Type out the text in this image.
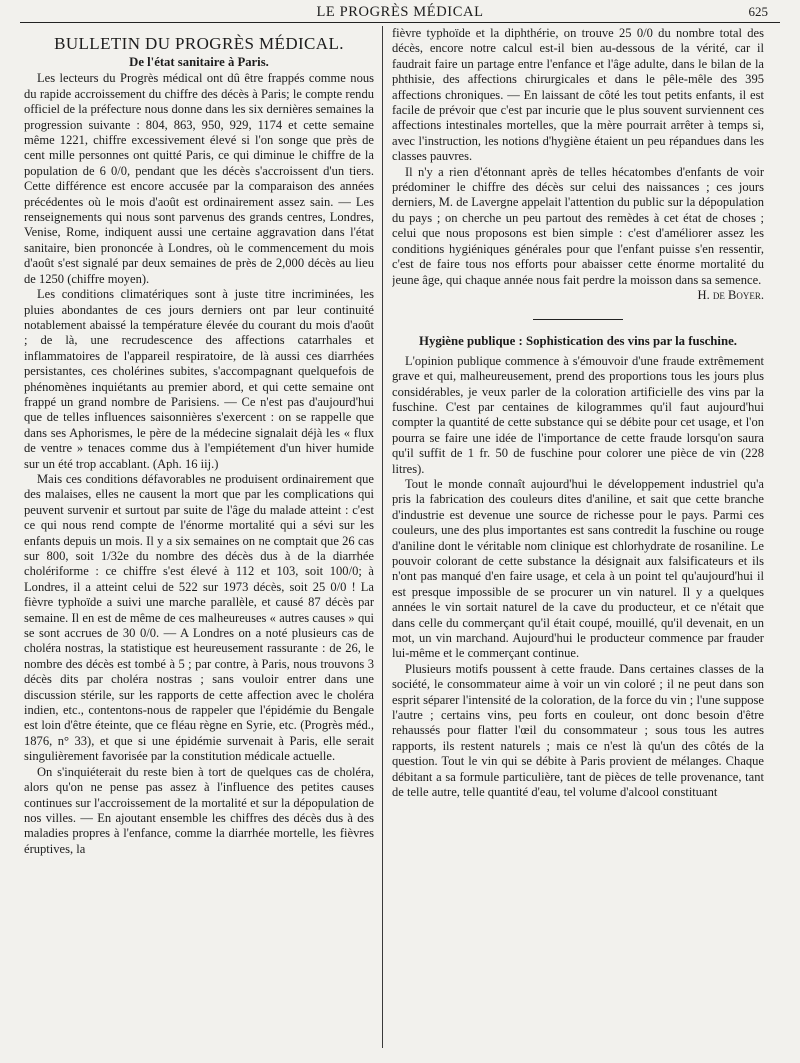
LE PROGRÈS MÉDICAL	625
BULLETIN DU PROGRÈS MÉDICAL.
De l'état sanitaire à Paris.

Les lecteurs du Progrès médical ont dû être frappés comme nous du rapide accroissement du chiffre des décès à Paris; le compte rendu officiel de la préfecture nous donne dans les six dernières semaines la progression suivante : 804, 863, 950, 929, 1174 et cette semaine même 1221, chiffre excessivement élevé si l'on songe que près de cent mille personnes ont quitté Paris, ce qui diminue le chiffre de la population de 6 0/0, pendant que les décès s'accroissent d'un tiers. Cette différence est encore accusée par la comparaison des années précédentes où le mois d'août est ordinairement assez sain. — Les renseignements qui nous sont parvenus des grands centres, Londres, Venise, Rome, indiquent aussi une certaine aggravation dans l'état sanitaire, bien prononcée à Londres, où le commencement du mois d'août s'est signalé par deux semaines de près de 2,000 décès au lieu de 1250 (chiffre moyen).

Les conditions climatériques sont à juste titre incriminées, les pluies abondantes de ces jours derniers ont par leur continuité notablement abaissé la température élevée du courant du mois d'août ; de là, une recrudescence des affections catarrhales et inflammatoires de l'appareil respiratoire, de là aussi ces diarrhées persistantes, ces cholérines subites, s'accompagnant quelquefois de phénomènes inquiétants au premier abord, et qui cette semaine ont frappé un grand nombre de Parisiens. — Ce n'est pas d'aujourd'hui que de telles influences saisonnières s'exercent : on se rappelle que dans ses Aphorismes, le père de la médecine signalait déjà les « flux de ventre » tenaces comme dus à l'empiétement d'un hiver humide sur un été trop accablant. (Aph. 16 iij.)

Mais ces conditions défavorables ne produisent ordinairement que des malaises, elles ne causent la mort que par les complications qui peuvent survenir et surtout par suite de l'âge du malade atteint : c'est ce qui nous rend compte de l'énorme mortalité qui a sévi sur les enfants depuis un mois. Il y a six semaines on ne comptait que 26 cas sur 800, soit 1/32e du nombre des décès dus à de la diarrhée cholériforme : ce chiffre s'est élevé à 112 et 103, soit 100/0; à Londres, il a atteint celui de 522 sur 1973 décès, soit 25 0/0 ! La fièvre typhoïde a suivi une marche parallèle, et causé 87 décès par semaine. Il en est de même de ces malheureuses « autres causes » qui se sont accrues de 30 0/0. — A Londres on a noté plusieurs cas de choléra nostras, la statistique est heureusement rassurante : de 26, le nombre des décès est tombé à 5 ; par contre, à Paris, nous trouvons 3 décès dits par choléra nostras ; sans vouloir entrer dans une discussion stérile, sur les rapports de cette affection avec le choléra indien, etc., contentons-nous de rappeler que l'épidémie du Bengale est loin d'être éteinte, que ce fléau règne en Syrie, etc. (Progrès méd., 1876, n° 33), et que si une épidémie survenait à Paris, elle serait singulièrement favorisée par la constitution médicale actuelle.

On s'inquiéterait du reste bien à tort de quelques cas de choléra, alors qu'on ne pense pas assez à l'influence des petites causes continues sur l'accroissement de la mortalité et sur la dépopulation de nos villes. — En ajoutant ensemble les chiffres des décès dus à des maladies propres à l'enfance, comme la diarrhée mortelle, les fièvres éruptives, la

fièvre typhoïde et la diphthérie, on trouve 25 0/0 du nombre total des décès, encore notre calcul est-il bien au-dessous de la vérité, car il faudrait faire un partage entre l'enfance et l'âge adulte, dans le bilan de la phthisie, des affections chirurgicales et dans le pêle-mêle des 395 affections chroniques. — En laissant de côté les tout petits enfants, il est facile de prévoir que c'est par incurie que le plus souvent surviennent ces affections intestinales mortelles, que la mère pourrait arrêter à temps si, avec l'instruction, les notions d'hygiène étaient un peu répandues dans les classes pauvres.

Il n'y a rien d'étonnant après de telles hécatombes d'enfants de voir prédominer le chiffre des décès sur celui des naissances ; ces jours derniers, M. de Lavergne appelait l'attention du public sur la dépopulation du pays ; on cherche un peu partout des remèdes à cet état de choses ; celui que nous proposons est bien simple : c'est d'améliorer assez les conditions hygiéniques générales pour que l'enfant puisse s'en ressentir, c'est de faire tous nos efforts pour abaisser cette énorme mortalité du jeune âge, qui chaque année nous fait perdre la moisson dans sa semence.

H. de Boyer.

Hygiène publique : Sophistication des vins par la fuschine.

L'opinion publique commence à s'émouvoir d'une fraude extrêmement grave et qui, malheureusement, prend des proportions tous les jours plus considérables, je veux parler de la coloration artificielle des vins par la fuschine. C'est par centaines de kilogrammes qu'il faut aujourd'hui compter la quantité de cette substance qui se débite pour cet usage, et l'on pourra se faire une idée de l'importance de cette fraude lorsqu'on saura qu'il suffit de 1 fr. 50 de fuschine pour colorer une pièce de vin (228 litres).

Tout le monde connaît aujourd'hui le développement industriel qu'a pris la fabrication des couleurs dites d'aniline, et sait que cette branche d'industrie est devenue une source de richesse pour le pays. Parmi ces couleurs, une des plus importantes est sans contredit la fuschine ou rouge d'aniline dont le véritable nom clinique est chlorhydrate de rosaniline. Le pouvoir colorant de cette substance la désignait aux falsificateurs et ils n'ont pas manqué d'en faire usage, et cela à un point tel qu'aujourd'hui il est presque impossible de se procurer un vin naturel. Il y a quelques années le vin sortait naturel de la cave du producteur, et ce n'était que dans celle du commerçant qu'il était coupé, mouillé, qu'il devenait, en un mot, un vin marchand. Aujourd'hui le producteur commence par frauder lui-même et le commerçant continue.

Plusieurs motifs poussent à cette fraude. Dans certaines classes de la société, le consommateur aime à voir un vin coloré ; il ne peut dans son esprit séparer l'intensité de la coloration, de la force du vin ; l'une suppose l'autre ; certains vins, peu forts en couleur, ont donc besoin d'être rehaussés pour flatter l'œil du consommateur ; sous tous les autres rapports, ils restent naturels ; mais ce n'est là qu'un des côtés de la question. Tout le vin qui se débite à Paris provient de mélanges. Chaque débitant a sa formule particulière, tant de pièces de telle provenance, tant de telle autre, telle quantité d'eau, tel volume d'alcool constituant
